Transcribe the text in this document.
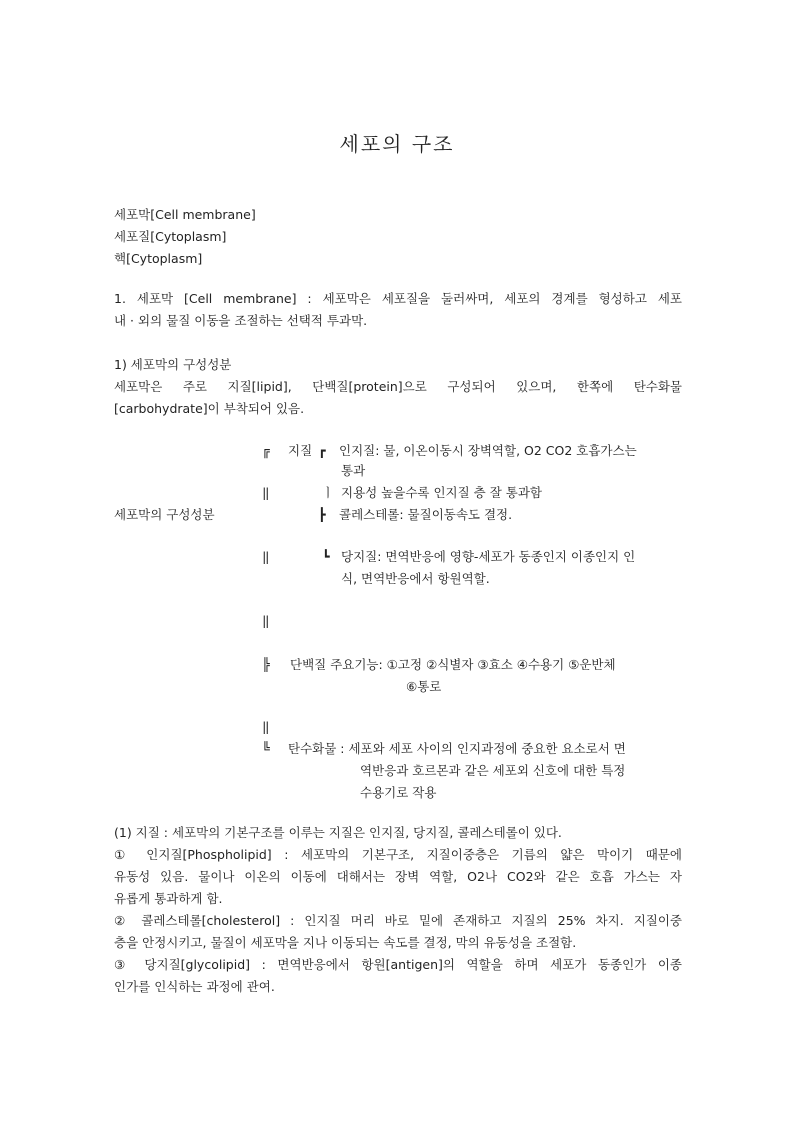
세포의 구조
세포막[Cell membrane]
세포질[Cytoplasm]
핵[Cytoplasm]
1. 세포막 [Cell membrane] : 세포막은 세포질을 둘러싸며, 세포의 경계를 형성하고 세포
내 · 외의 물질 이동을 조절하는 선택적 투과막.
1) 세포막의 구성성분
세포막은 주로 지질[lipid], 단백질[protein]으로 구성되어 있으며, 한쪽에 탄수화물
[carbohydrate]이 부착되어 있음.
세포막의 구성성분
╔ 지질 ┏ 인지질: 물, 이온이동시 장벽역할, O2 CO2 호흡가스는
통과
‖	ㅣ 지용성 높을수록 인지질 층 잘 통과함
┣ 콜레스테롤: 물질이동속도 결정.
‖	┗ 당지질: 면역반응에 영향-세포가 동종인지 이종인지 인
식, 면역반응에서 항원역할.
‖
╠ 단백질 주요기능: ①고정 ②식별자 ③효소 ④수용기 ⑤운반체
⑥통로
‖
╚ 탄수화물 : 세포와 세포 사이의 인지과정에 중요한 요소로서 면
역반응과 호르몬과 같은 세포외 신호에 대한 특정
수용기로 작용
(1) 지질 : 세포막의 기본구조를 이루는 지질은 인지질, 당지질, 콜레스테롤이 있다.
① 인지질[Phospholipid] : 세포막의 기본구조, 지질이중층은 기름의 얇은 막이기 때문에
유동성 있음. 물이나 이온의 이동에 대해서는 장벽 역할, O2나 CO2와 같은 호흡 가스는 자
유롭게 통과하게 함.
② 콜레스테롤[cholesterol] : 인지질 머리 바로 밑에 존재하고 지질의 25% 차지. 지질이중
층을 안정시키고, 물질이 세포막을 지나 이동되는 속도를 결정, 막의 유동성을 조절함.
③ 당지질[glycolipid] : 면역반응에서 항원[antigen]의 역할을 하며 세포가 동종인가 이종
인가를 인식하는 과정에 관여.
